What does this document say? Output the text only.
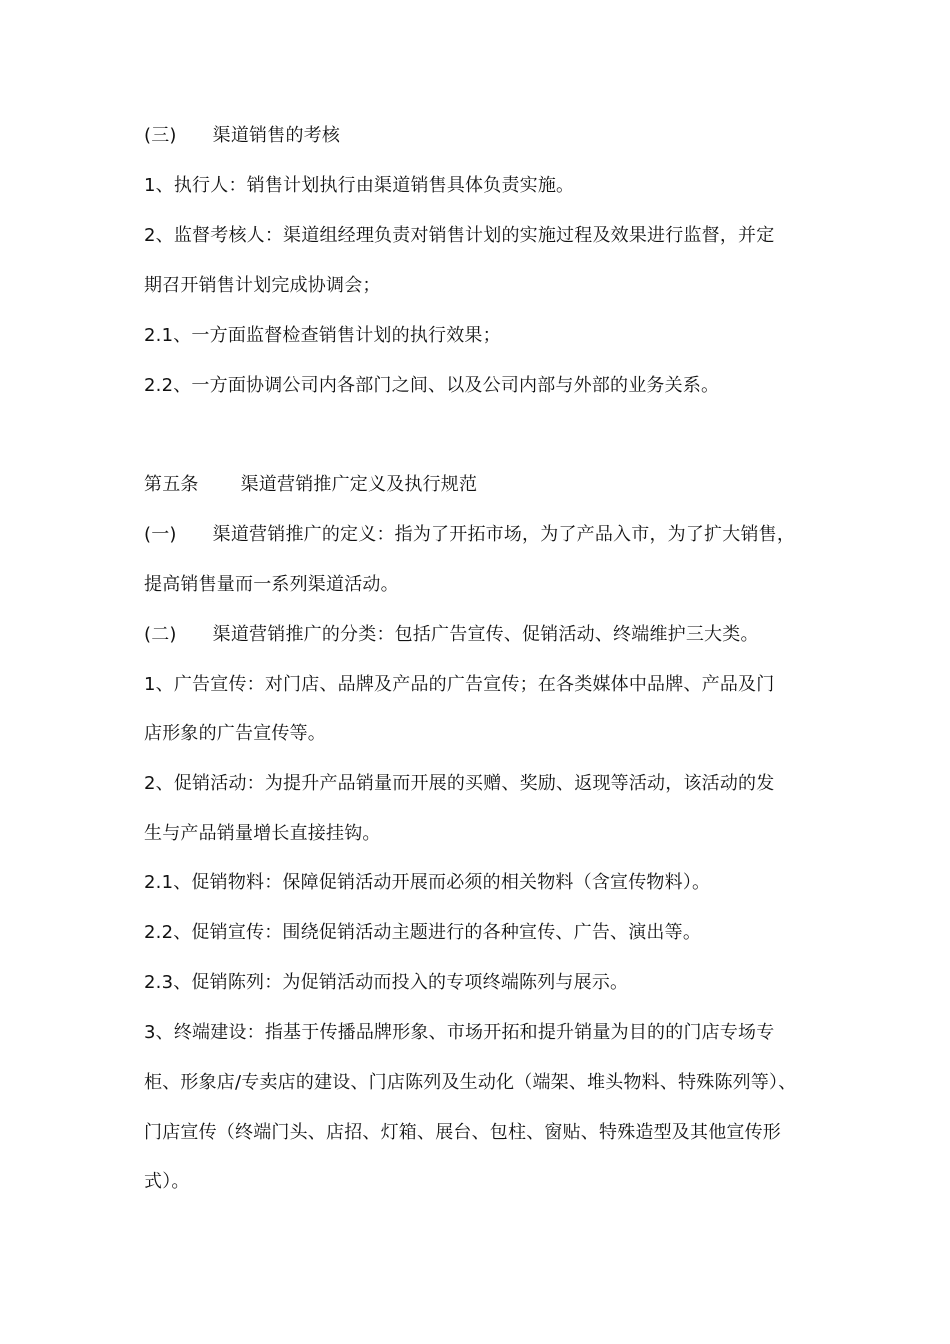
(三) 渠道销售的考核
1、执行人：销售计划执行由渠道销售具体负责实施。
2、监督考核人：渠道组经理负责对销售计划的实施过程及效果进行监督，并定
期召开销售计划完成协调会；
2.1、一方面监督检查销售计划的执行效果；
2.2、一方面协调公司内各部门之间、以及公司内部与外部的业务关系。
第五条 渠道营销推广定义及执行规范
(一) 渠道营销推广的定义：指为了开拓市场，为了产品入市，为了扩大销售，
提高销售量而一系列渠道活动。
(二) 渠道营销推广的分类：包括广告宣传、促销活动、终端维护三大类。
1、广告宣传：对门店、品牌及产品的广告宣传；在各类媒体中品牌、产品及门
店形象的广告宣传等。
2、促销活动：为提升产品销量而开展的买赠、奖励、返现等活动，该活动的发
生与产品销量增长直接挂钩。
2.1、促销物料：保障促销活动开展而必须的相关物料（含宣传物料）。
2.2、促销宣传：围绕促销活动主题进行的各种宣传、广告、演出等。
2.3、促销陈列：为促销活动而投入的专项终端陈列与展示。
3、终端建设：指基于传播品牌形象、市场开拓和提升销量为目的的门店专场专
柜、形象店/专卖店的建设、门店陈列及生动化（端架、堆头物料、特殊陈列等）、
门店宣传（终端门头、店招、灯箱、展台、包柱、窗贴、特殊造型及其他宣传形
式）。
